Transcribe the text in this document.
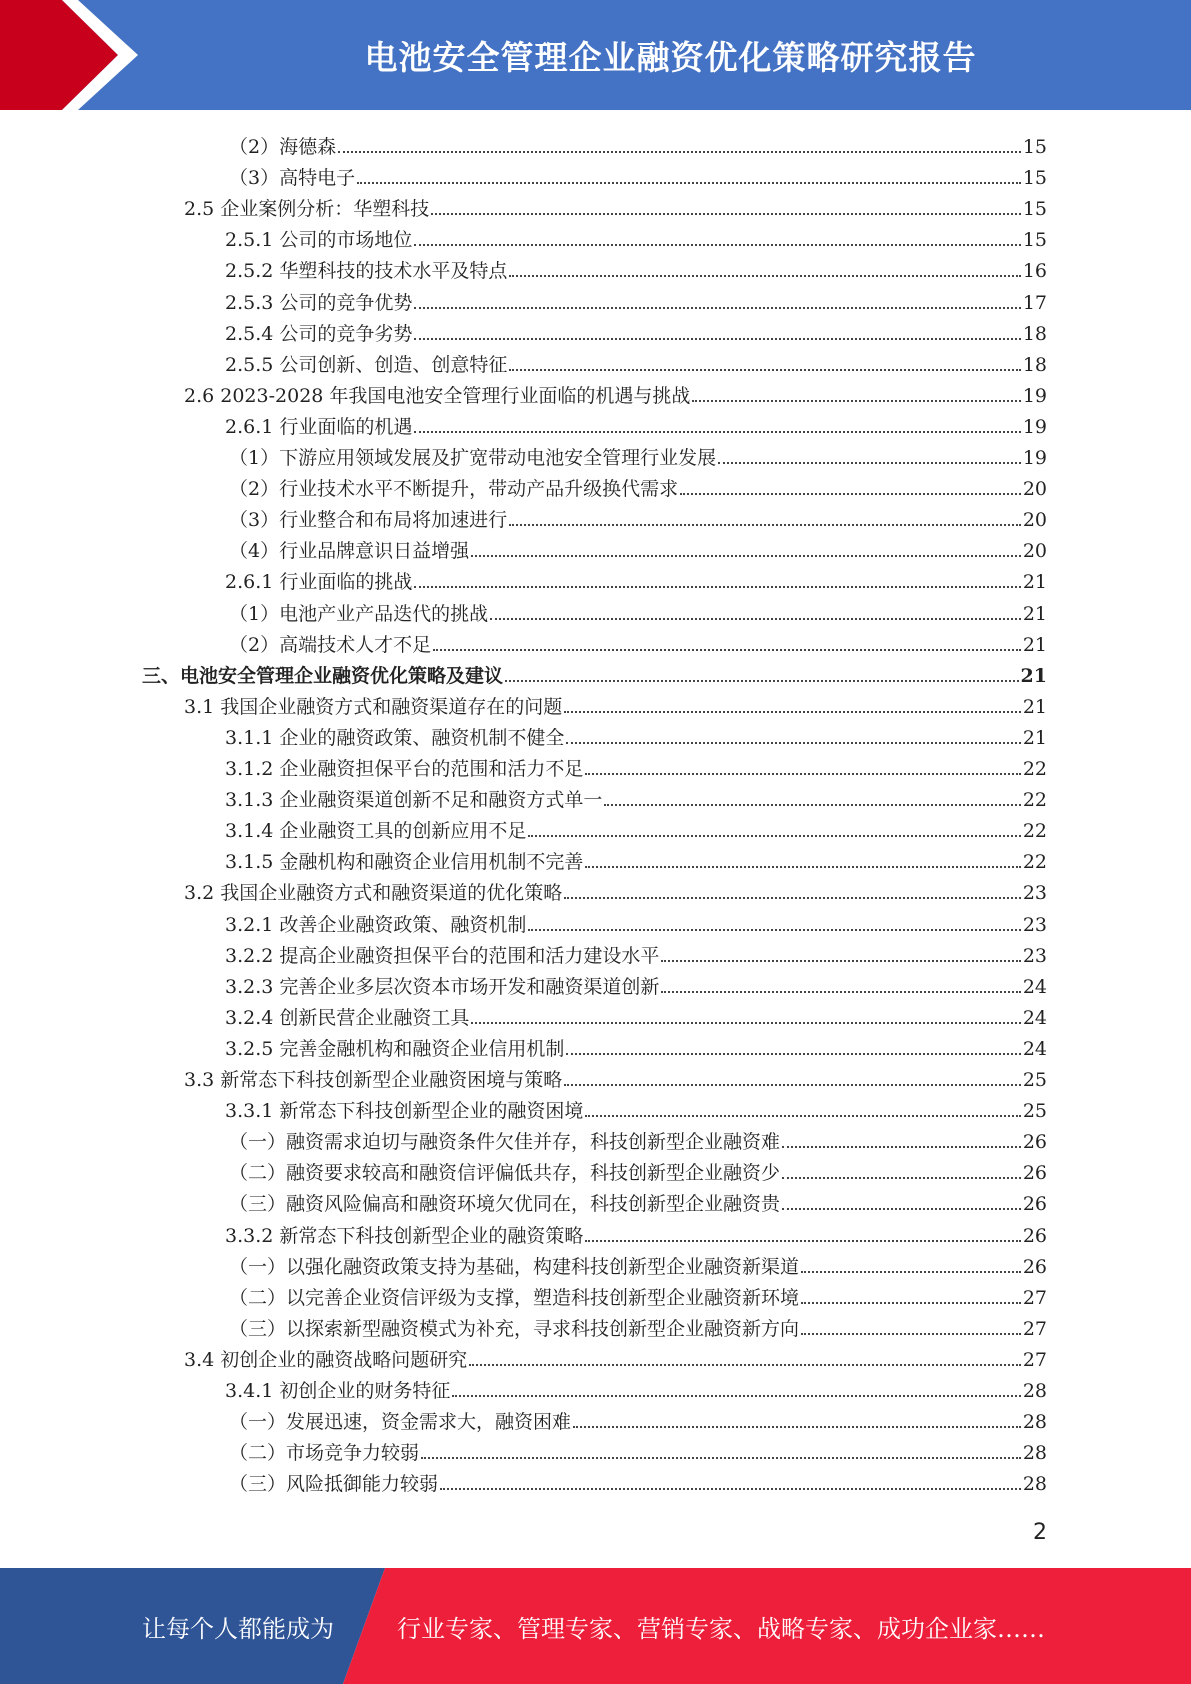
电池安全管理企业融资优化策略研究报告
（2）海德森	15
（3）高特电子	15
2.5 企业案例分析：华塑科技	15
2.5.1 公司的市场地位	15
2.5.2 华塑科技的技术水平及特点	16
2.5.3 公司的竞争优势	17
2.5.4 公司的竞争劣势	18
2.5.5 公司创新、创造、创意特征	18
2.6 2023-2028 年我国电池安全管理行业面临的机遇与挑战	19
2.6.1 行业面临的机遇	19
（1）下游应用领域发展及扩宽带动电池安全管理行业发展	19
（2）行业技术水平不断提升，带动产品升级换代需求	20
（3）行业整合和布局将加速进行	20
（4）行业品牌意识日益增强	20
2.6.1 行业面临的挑战	21
（1）电池产业产品迭代的挑战	21
（2）高端技术人才不足	21
三、电池安全管理企业融资优化策略及建议	21
3.1 我国企业融资方式和融资渠道存在的问题	21
3.1.1 企业的融资政策、融资机制不健全	21
3.1.2 企业融资担保平台的范围和活力不足	22
3.1.3 企业融资渠道创新不足和融资方式单一	22
3.1.4 企业融资工具的创新应用不足	22
3.1.5 金融机构和融资企业信用机制不完善	22
3.2 我国企业融资方式和融资渠道的优化策略	23
3.2.1 改善企业融资政策、融资机制	23
3.2.2 提高企业融资担保平台的范围和活力建设水平	23
3.2.3 完善企业多层次资本市场开发和融资渠道创新	24
3.2.4 创新民营企业融资工具	24
3.2.5 完善金融机构和融资企业信用机制	24
3.3 新常态下科技创新型企业融资困境与策略	25
3.3.1 新常态下科技创新型企业的融资困境	25
（一）融资需求迫切与融资条件欠佳并存，科技创新型企业融资难	26
（二）融资要求较高和融资信评偏低共存，科技创新型企业融资少	26
（三）融资风险偏高和融资环境欠优同在，科技创新型企业融资贵	26
3.3.2 新常态下科技创新型企业的融资策略	26
（一）以强化融资政策支持为基础，构建科技创新型企业融资新渠道	26
（二）以完善企业资信评级为支撑，塑造科技创新型企业融资新环境	27
（三）以探索新型融资模式为补充，寻求科技创新型企业融资新方向	27
3.4 初创企业的融资战略问题研究	27
3.4.1 初创企业的财务特征	28
（一）发展迅速，资金需求大，融资困难	28
（二）市场竞争力较弱	28
（三）风险抵御能力较弱	28
2
让每个人都能成为	行业专家、管理专家、营销专家、战略专家、成功企业家……
